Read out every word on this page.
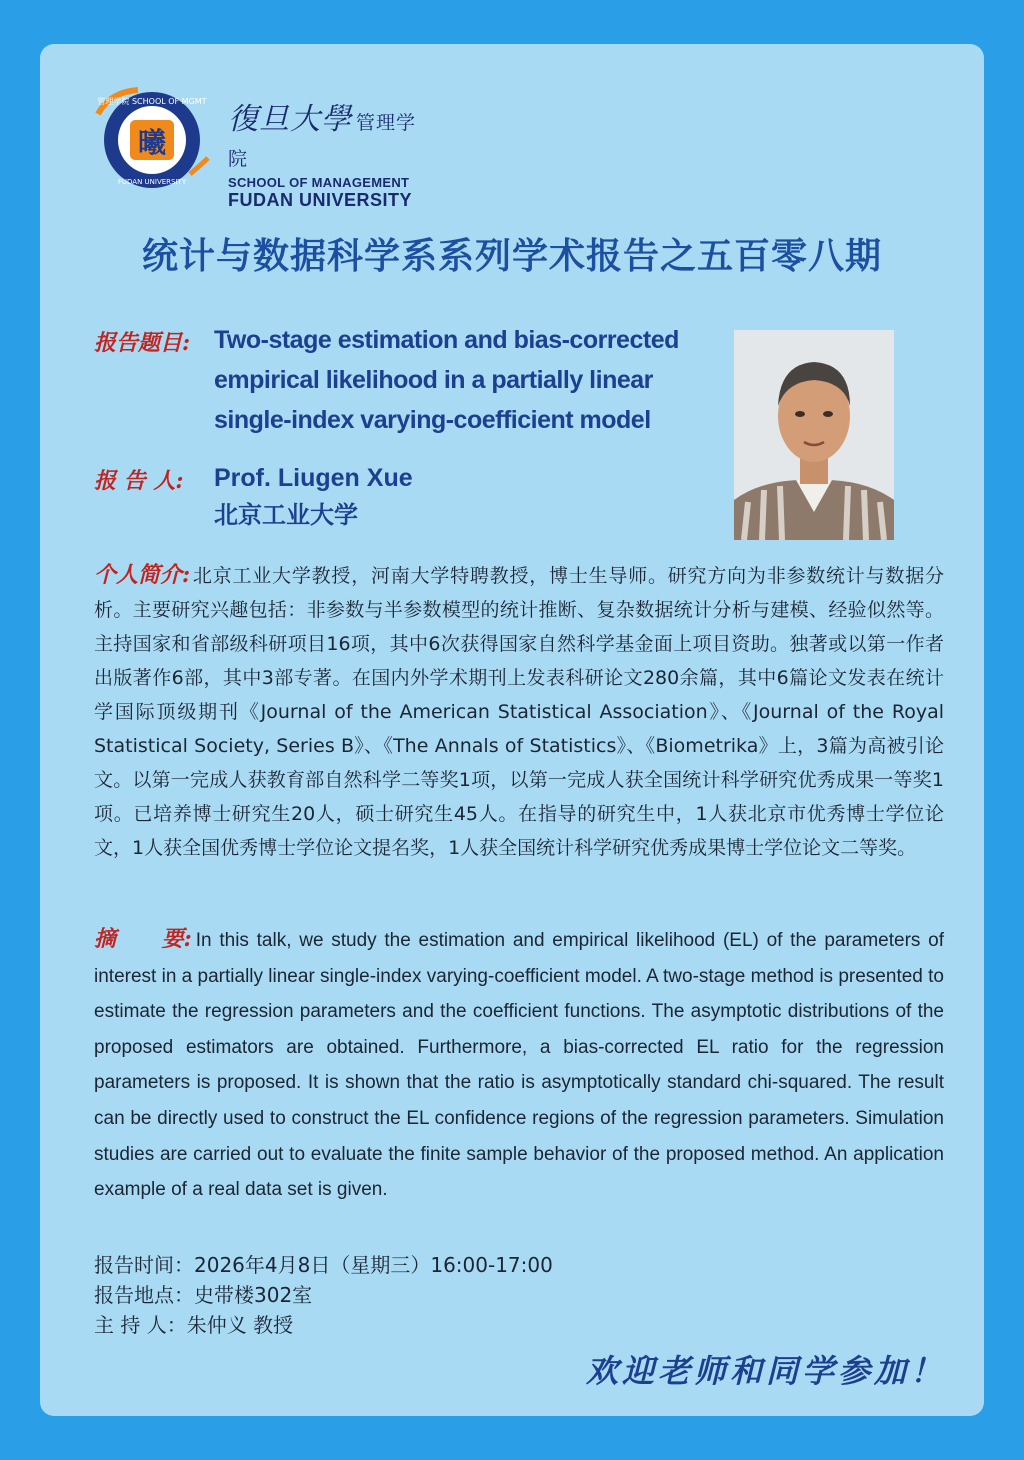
曦
管理学院 SCHOOL OF MGMT
FUDAN UNIVERSITY
復旦大學 管理学院
SCHOOL OF MANAGEMENT
FUDAN UNIVERSITY
统计与数据科学系系列学术报告之五百零八期
报告题目: Two-stage estimation and bias-corrected
empirical likelihood in a partially linear
single-index varying-coefficient model
报 告 人: Prof. Liugen Xue
北京工业大学
个人简介: 北京工业大学教授，河南大学特聘教授，博士生导师。研究方向为非参数统计与数据分析。主要研究兴趣包括：非参数与半参数模型的统计推断、复杂数据统计分析与建模、经验似然等。主持国家和省部级科研项目16项，其中6次获得国家自然科学基金面上项目资助。独著或以第一作者出版著作6部，其中3部专著。在国内外学术期刊上发表科研论文280余篇，其中6篇论文发表在统计学国际顶级期刊《Journal of the American Statistical Association》、《Journal of the Royal Statistical Society, Series B》、《The Annals of Statistics》、《Biometrika》上，3篇为高被引论文。以第一完成人获教育部自然科学二等奖1项，以第一完成人获全国统计科学研究优秀成果一等奖1项。已培养博士研究生20人，硕士研究生45人。在指导的研究生中，1人获北京市优秀博士学位论文，1人获全国优秀博士学位论文提名奖，1人获全国统计科学研究优秀成果博士学位论文二等奖。
摘 要: In this talk, we study the estimation and empirical likelihood (EL) of the parameters of interest in a partially linear single-index varying-coefficient model. A two-stage method is presented to estimate the regression parameters and the coefficient functions. The asymptotic distributions of the proposed estimators are obtained. Furthermore, a bias-corrected EL ratio for the regression parameters is proposed. It is shown that the ratio is asymptotically standard chi-squared. The result can be directly used to construct the EL confidence regions of the regression parameters. Simulation studies are carried out to evaluate the finite sample behavior of the proposed method. An application example of a real data set is given.
报告时间：2026年4月8日（星期三）16:00-17:00
报告地点：史带楼302室
主 持 人：朱仲义 教授
欢迎老师和同学参加！
